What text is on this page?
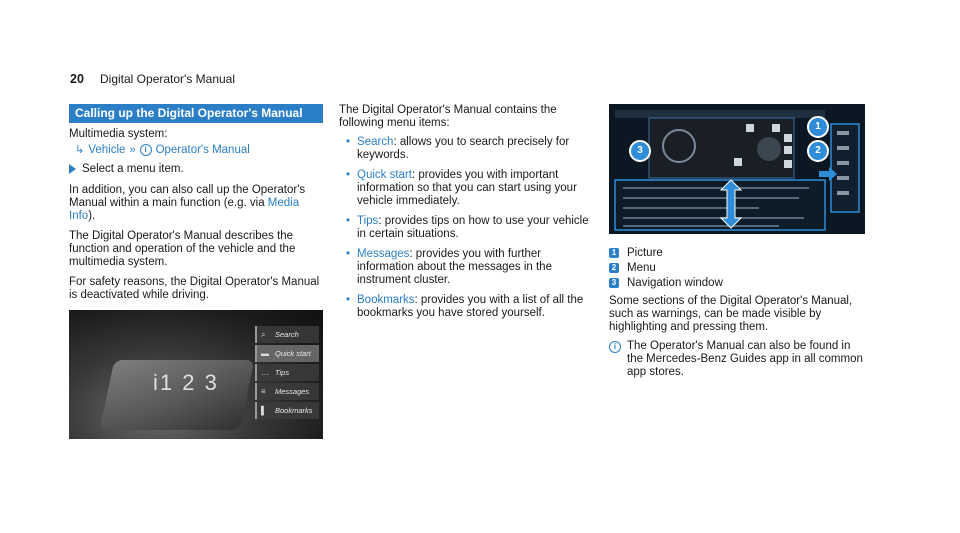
20 Digital Operator's Manual
Calling up the Digital Operator's Manual

Multimedia system:

↳ Vehicle »	i Operator's Manual

Select a menu item.

In addition, you can also call up the Operator's Manual within a main function (e.g. via Media Info).

The Digital Operator's Manual describes the function and operation of the vehicle and the multimedia system.

For safety reasons, the Digital Operator's Manual is deactivated while driving.

i1 2 3
⌕ Search
▬ Quick start
… Tips
≡ Messages
▌ Bookmarks

The Digital Operator's Manual contains the following menu items:

• Search: allows you to search precisely for keywords.
• Quick start: provides you with important information so that you can start using your vehicle immediately.
• Tips: provides tips on how to use your vehicle in certain situations.
• Messages: provides you with further information about the messages in the instrument cluster.
• Bookmarks: provides you with a list of all the bookmarks you have stored yourself.
1
2
3
1 Picture
2 Menu
3 Navigation window

Some sections of the Digital Operator's Manual, such as warnings, can be made visible by highlighting and pressing them.

i The Operator's Manual can also be found in the Mercedes-Benz Guides app in all common app stores.
